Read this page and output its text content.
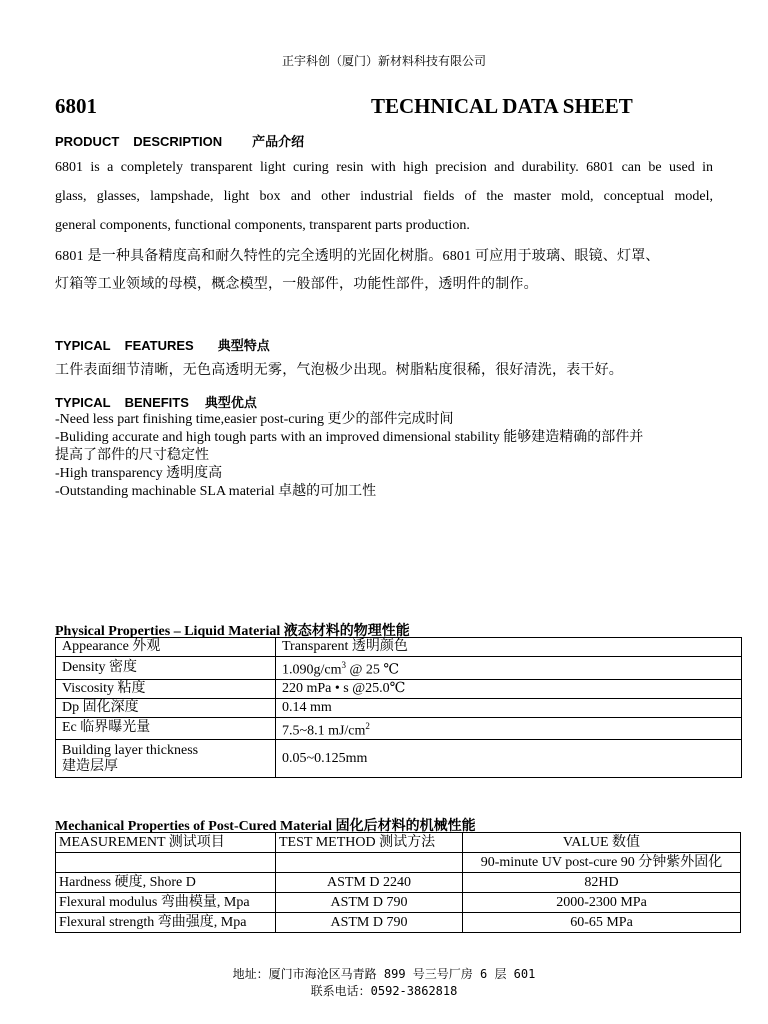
正宇科创（厦门）新材料科技有限公司
6801	TECHNICAL DATA SHEET
PRODUCT DESCRIPTION 产品介绍
6801 is a completely transparent light curing resin with high precision and durability. 6801 can be used in
glass, glasses, lampshade, light box and other industrial fields of the master mold, conceptual model,
general components, functional components, transparent parts production.
6801 是一种具备精度高和耐久特性的完全透明的光固化树脂。6801 可应用于玻璃、眼镜、灯罩、
灯箱等工业领域的母模，概念模型，一般部件，功能性部件，透明件的制作。
TYPICAL FEATURES 典型特点
工件表面细节清晰，无色高透明无雾，气泡极少出现。树脂粘度很稀，很好清洗，表干好。
TYPICAL BENEFITS 典型优点
-Need less part finishing time,easier post-curing 更少的部件完成时间
-Buliding accurate and high tough parts with an improved dimensional stability 能够建造精确的部件并
提高了部件的尺寸稳定性
-High transparency 透明度高
-Outstanding machinable SLA material 卓越的可加工性
Physical Properties – Liquid Material 液态材料的物理性能
Appearance 外观	Transparent 透明颜色
Density 密度	$1.090g/cm^3$ @ 25 ℃
Viscosity 粘度	220 mPa • s @25.0℃
Dp 固化深度	0.14 mm
Ec 临界曝光量	7.5~8.1 $mJ/cm^2$

Building layer thickness
建造层厚	0.05~0.125mm
Mechanical Properties of Post-Cured Material 固化后材料的机械性能
MEASUREMENT 测试项目	TEST METHOD 测试方法	VALUE 数值
		90-minute UV post-cure 90 分钟紫外固化
Hardness 硬度, Shore D	ASTM D 2240	82HD
Flexural modulus 弯曲模量, Mpa	ASTM D 790	2000-2300 MPa
Flexural strength 弯曲强度, Mpa	ASTM D 790	60-65 MPa
地址：厦门市海沧区马青路 899 号三号厂房 6 层 601
联系电话：0592-3862818
